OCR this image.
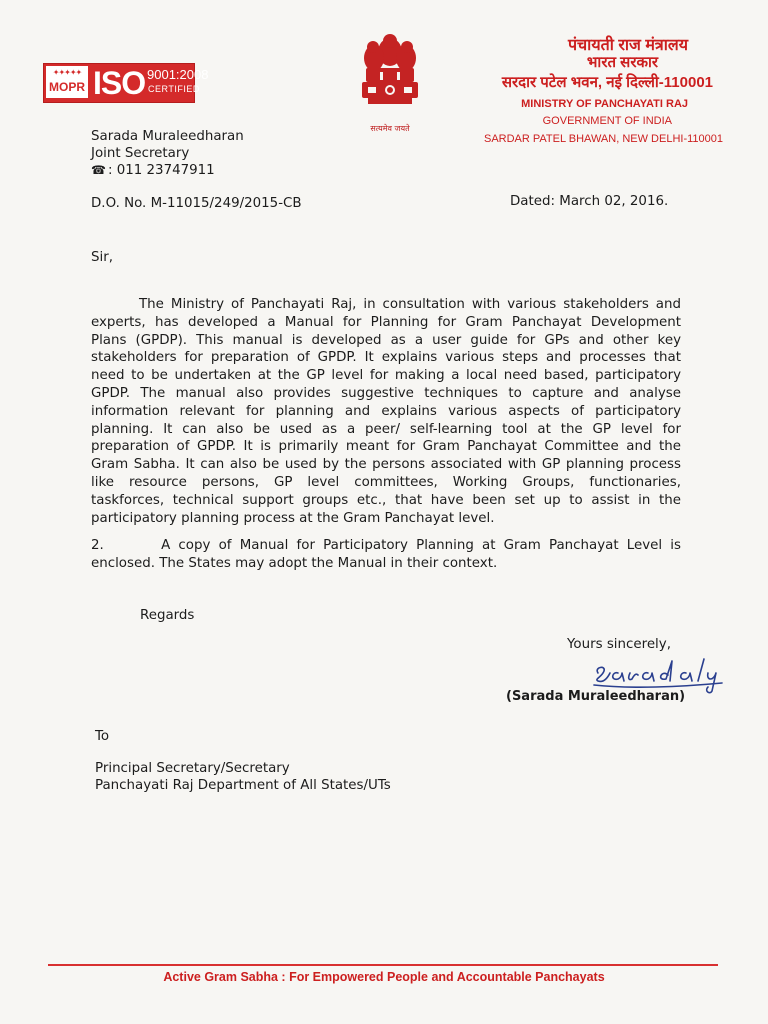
✦✦✦✦✦
MOPR ISO 9001:2008
CERTIFIED
सत्यमेव जयते
पंचायती राज मंत्रालय
भारत सरकार
सरदार पटेल भवन, नई दिल्ली-110001
MINISTRY OF PANCHAYATI RAJ
GOVERNMENT OF INDIA
SARDAR PATEL BHAWAN, NEW DELHI-110001
Sarada Muraleedharan
Joint Secretary
☎ : 011 23747911
D.O. No. M-11015/249/2015-CB	Dated: March 02, 2016.
Sir,
The Ministry of Panchayati Raj, in consultation with various stakeholders and
experts, has developed a Manual for Planning for Gram Panchayat Development
Plans (GPDP). This manual is developed as a user guide for GPs and other key
stakeholders for preparation of GPDP. It explains various steps and processes that
need to be undertaken at the GP level for making a local need based, participatory
GPDP. The manual also provides suggestive techniques to capture and analyse
information relevant for planning and explains various aspects of participatory
planning. It can also be used as a peer/ self-learning tool at the GP level for
preparation of GPDP. It is primarily meant for Gram Panchayat Committee and the
Gram Sabha. It can also be used by the persons associated with GP planning process
like resource persons, GP level committees, Working Groups, functionaries,
taskforces, technical support groups etc., that have been set up to assist in the
participatory planning process at the Gram Panchayat level.
2.       A copy of Manual for Participatory Planning at Gram Panchayat Level is
enclosed. The States may adopt the Manual in their context.
Regards
Yours sincerely,
(Sarada Muraleedharan)
To
Principal Secretary/Secretary
Panchayati Raj Department of All States/UTs
Active Gram Sabha : For Empowered People and Accountable Panchayats
